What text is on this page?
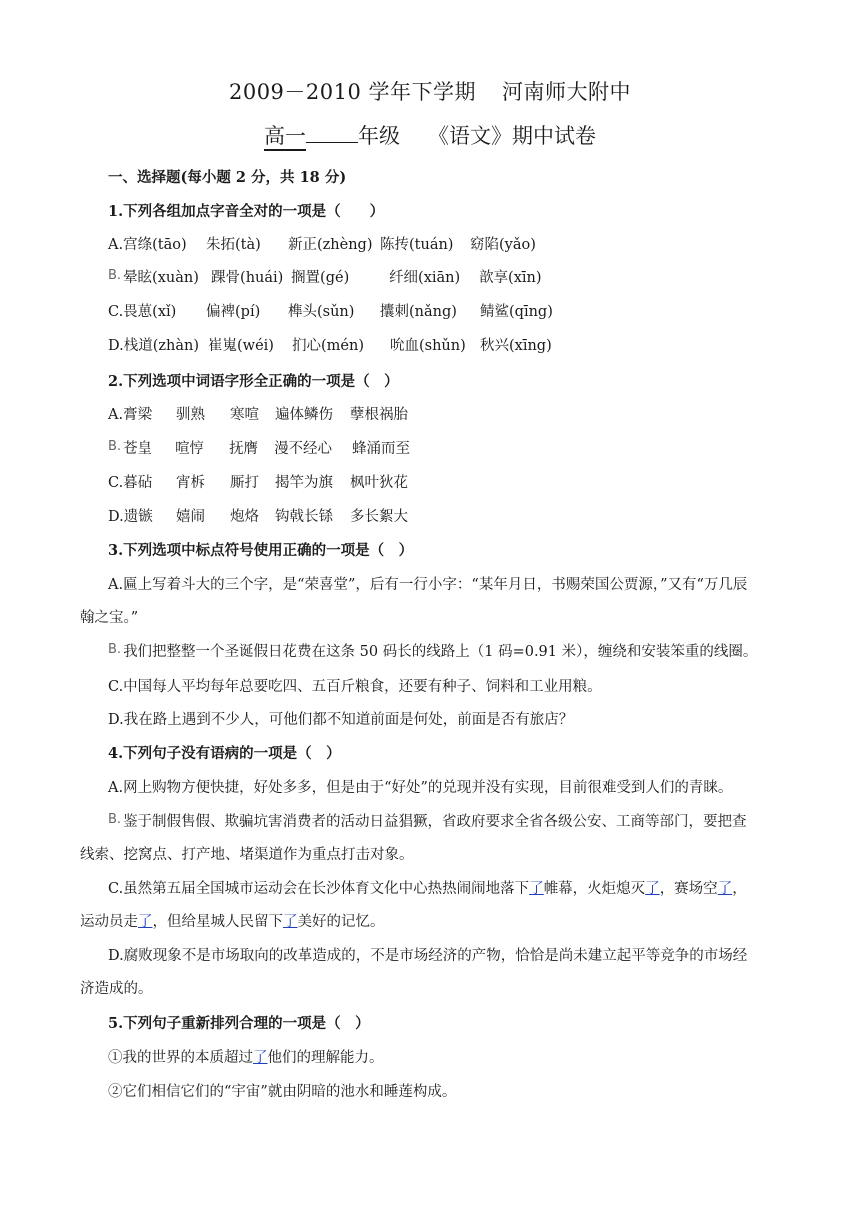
2009－2010 学年下学期 河南师大附中
高一 年级 《语文》期中试卷
一、选择题(每小题 2 分，共 18 分)
1.下列各组加点字音全对的一项是（　　）
A.宫绦(tāo) 朱拓(tà) 新正(zhèng) 陈抟(tuán) 窈陷(yǎo)
B. 晕眩(xuàn) 踝骨(huái) 搁置(gé)	纤细(xiān) 歆享(xīn)
C.畏葸(xǐ) 偏裨(pí) 榫头(sǔn) 攮刺(nǎng) 鲭鲨(qīng)
D.栈道(zhàn) 崔嵬(wéi) 扪心(mén) 吮血(shǔn) 秋兴(xīng)
2.下列选项中词语字形全正确的一项是（　）
A.膏梁 驯熟 寒喧 遍体鳞伤 孽根祸胎
B. 苍皇 喧悙 抚膺 漫不经心 蜂涌而至
C.暮砧 宵柝 厮打 揭竿为旗 枫叶狄花
D.遗镞 嬉闹 炮烙 钩戟长铩 多长絮大
3.下列选项中标点符号使用正确的一项是（　）
A.匾上写着斗大的三个字，是“荣喜堂”，后有一行小字：“某年月日，书赐荣国公贾源，”又有“万几辰
翰之宝。”
B. 我们把整整一个圣诞假日花费在这条 50 码长的线路上（1 码=0.91 米），缠绕和安装笨重的线圈。
C.中国每人平均每年总要吃四、五百斤粮食，还要有种子、饲料和工业用粮。
D.我在路上遇到不少人，可他们都不知道前面是何处，前面是否有旅店？
4.下列句子没有语病的一项是（　）
A.网上购物方便快捷，好处多多，但是由于“好处”的兑现并没有实现，目前很难受到人们的青睐。
B. 鉴于制假售假、欺骗坑害消费者的活动日益猖獗，省政府要求全省各级公安、工商等部门，要把查
线索、挖窝点、打产地、堵渠道作为重点打击对象。
C.虽然第五届全国城市运动会在长沙体育文化中心热热闹闹地落下了帷幕，火炬熄灭了，赛场空了，
运动员走了，但给星城人民留下了美好的记忆。
D.腐败现象不是市场取向的改革造成的，不是市场经济的产物，恰恰是尚未建立起平等竞争的市场经
济造成的。
5.下列句子重新排列合理的一项是（　）
①我的世界的本质超过了他们的理解能力。
②它们相信它们的“宇宙”就由阴暗的池水和睡莲构成。
